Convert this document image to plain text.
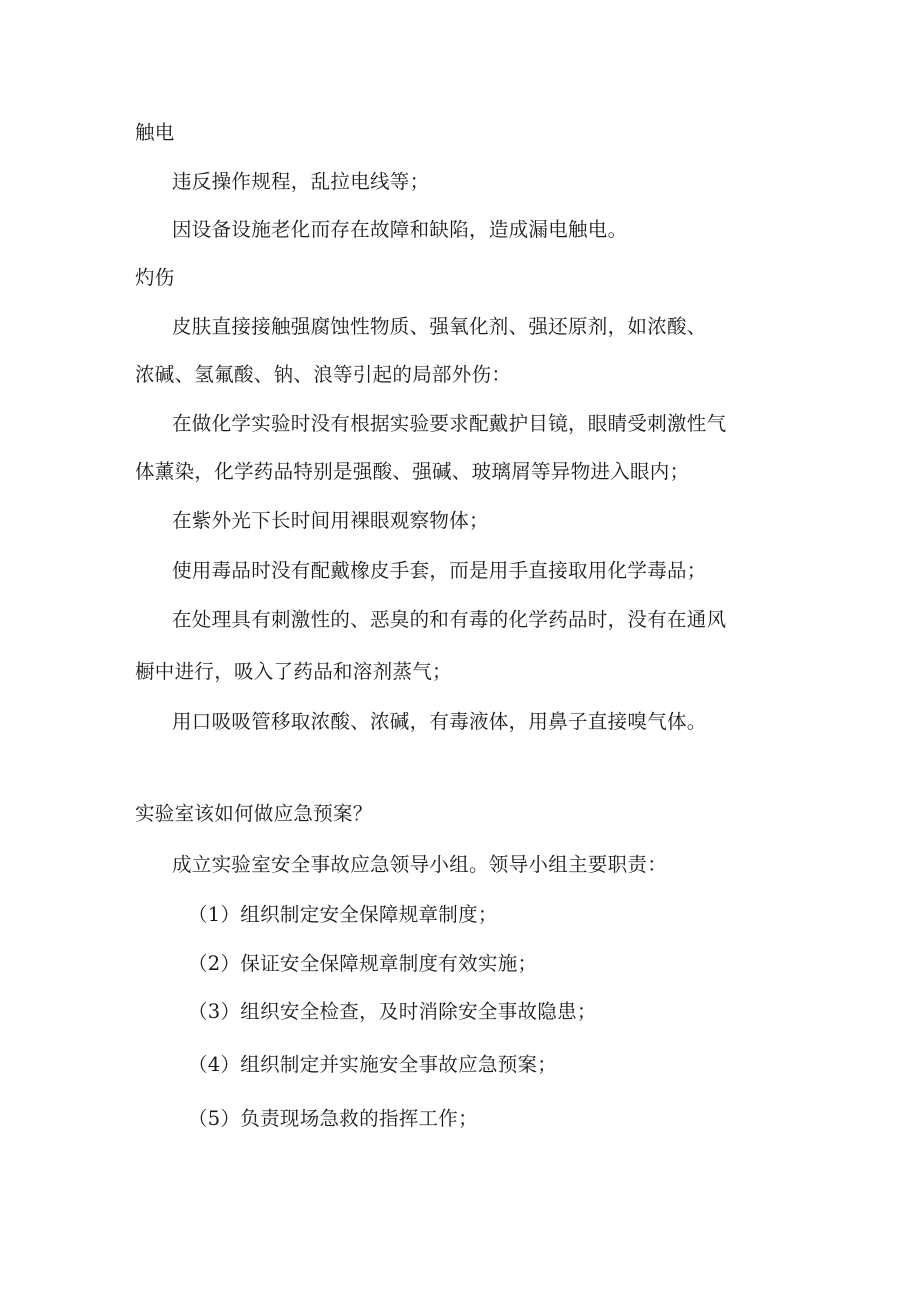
触电
违反操作规程，乱拉电线等；
因设备设施老化而存在故障和缺陷，造成漏电触电。
灼伤
皮肤直接接触强腐蚀性物质、强氧化剂、强还原剂，如浓酸、
浓碱、氢氟酸、钠、浪等引起的局部外伤：
在做化学实验时没有根据实验要求配戴护目镜，眼睛受刺激性气
体薰染，化学药品特别是强酸、强碱、玻璃屑等异物进入眼内；
在紫外光下长时间用裸眼观察物体；
使用毒品时没有配戴橡皮手套，而是用手直接取用化学毒品；
在处理具有刺激性的、恶臭的和有毒的化学药品时，没有在通风
橱中进行，吸入了药品和溶剂蒸气；
用口吸吸管移取浓酸、浓碱，有毒液体，用鼻子直接嗅气体。
实验室该如何做应急预案？
成立实验室安全事故应急领导小组。领导小组主要职责：
（1）组织制定安全保障规章制度；
（2）保证安全保障规章制度有效实施；
（3）组织安全检查，及时消除安全事故隐患；
（4）组织制定并实施安全事故应急预案；
（5）负责现场急救的指挥工作；
